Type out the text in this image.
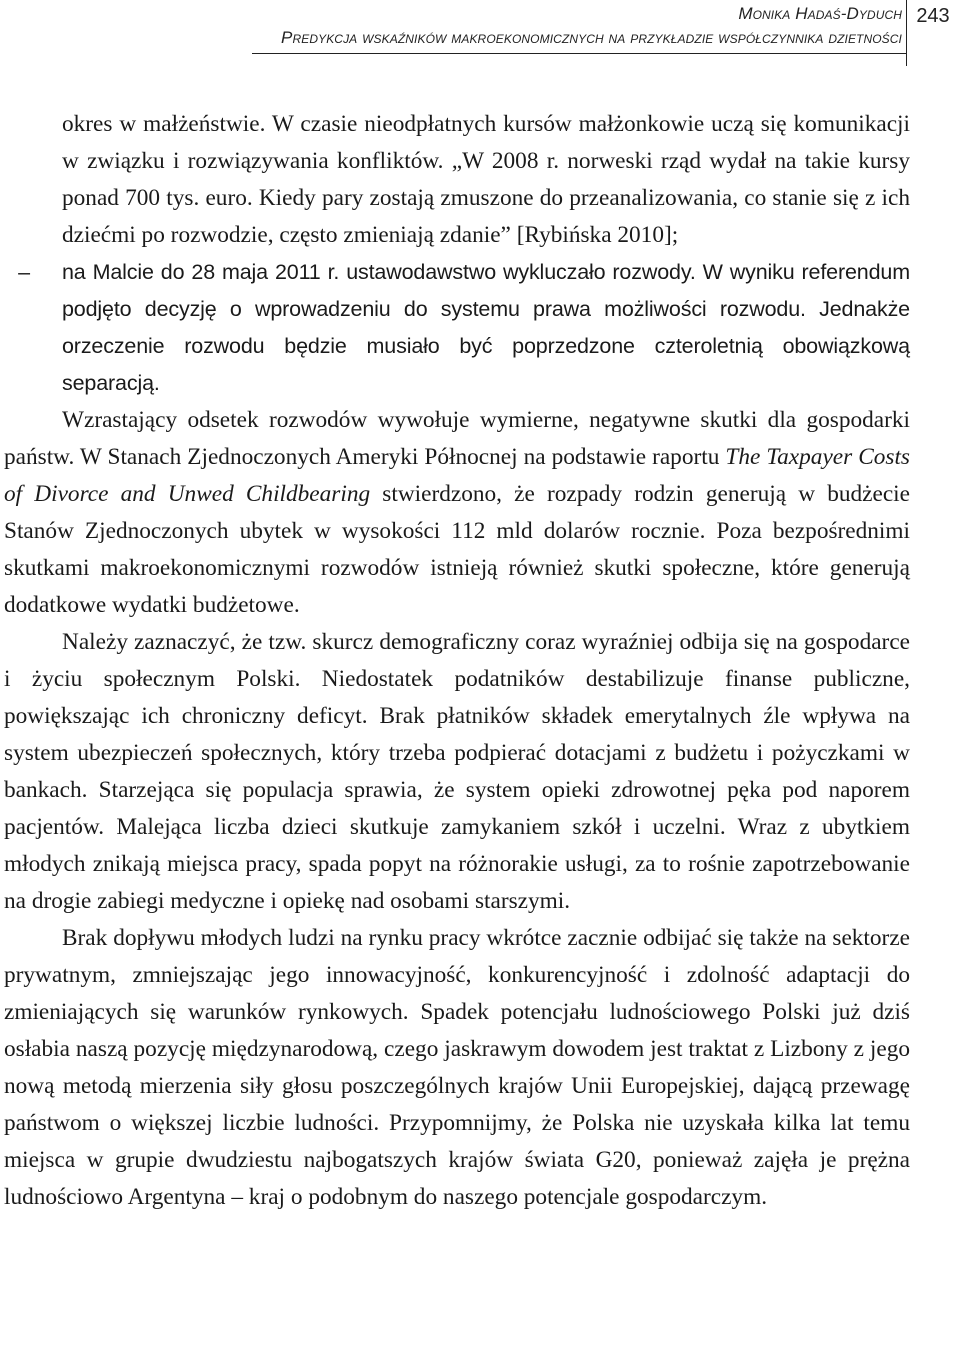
Monika Hadaś-Dyduch
Predykcja wskaźników makroekonomicznych na przykładzie współczynnika dzietności
243

okres w małżeństwie. W czasie nieodpłatnych kursów małżonkowie uczą się komunikacji w związku i rozwiązywania konfliktów. „W 2008 r. norweski rząd wydał na takie kursy ponad 700 tys. euro. Kiedy pary zostają zmuszone do przeanalizowania, co stanie się z ich dziećmi po rozwodzie, często zmieniają zdanie” [Rybińska 2010];

–
na Malcie do 28 maja 2011 r. ustawodawstwo wykluczało rozwody. W wyniku referendum podjęto decyzję o wprowadzeniu do systemu prawa możliwości rozwodu. Jednakże orzeczenie rozwodu będzie musiało być poprzedzone czteroletnią obowiązkową separacją.

Wzrastający odsetek rozwodów wywołuje wymierne, negatywne skutki dla gospodarki państw. W Stanach Zjednoczonych Ameryki Północnej na podstawie raportu The Taxpayer Costs of Divorce and Unwed Childbearing stwierdzono, że rozpady rodzin generują w budżecie Stanów Zjednoczonych ubytek w wysokości 112 mld dolarów rocznie. Poza bezpośrednimi skutkami makroekonomicznymi rozwodów istnieją również skutki społeczne, które generują dodatkowe wydatki budżetowe.

Należy zaznaczyć, że tzw. skurcz demograficzny coraz wyraźniej odbija się na gospodarce i życiu społecznym Polski. Niedostatek podatników destabilizuje finanse publiczne, powiększając ich chroniczny deficyt. Brak płatników składek emerytalnych źle wpływa na system ubezpieczeń społecznych, który trzeba podpierać dotacjami z budżetu i pożyczkami w bankach. Starzejąca się populacja sprawia, że system opieki zdrowotnej pęka pod naporem pacjentów. Malejąca liczba dzieci skutkuje zamykaniem szkół i uczelni. Wraz z ubytkiem młodych znikają miejsca pracy, spada popyt na różnorakie usługi, za to rośnie zapotrzebowanie na drogie zabiegi medyczne i opiekę nad osobami starszymi.

Brak dopływu młodych ludzi na rynku pracy wkrótce zacznie odbijać się także na sektorze prywatnym, zmniejszając jego innowacyjność, konkurencyjność i zdolność adaptacji do zmieniających się warunków rynkowych. Spadek potencjału ludnościowego Polski już dziś osłabia naszą pozycję międzynarodową, czego jaskrawym dowodem jest traktat z Lizbony z jego nową metodą mierzenia siły głosu poszczególnych krajów Unii Europejskiej, dającą przewagę państwom o większej liczbie ludności. Przypomnijmy, że Polska nie uzyskała kilka lat temu miejsca w grupie dwudziestu najbogatszych krajów świata G20, ponieważ zajęła je prężna ludnościowo Argentyna – kraj o podobnym do naszego potencjale gospodarczym.
